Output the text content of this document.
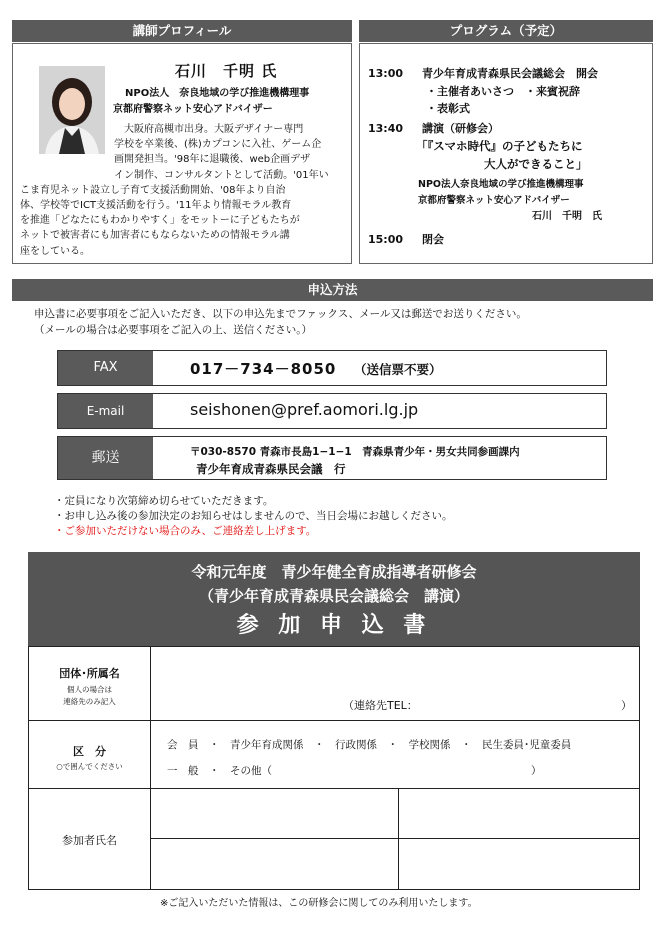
講師プロフィール
石川　千明 氏
NPO法人　奈良地域の学び推進機構理事
京都府警察ネット安心アドバイザー
大阪府高槻市出身。大阪デザイナー専門
学校を卒業後、(株)カプコンに入社、ゲーム企
画開発担当。'98年に退職後、web企画デザ
イン制作、コンサルタントとして活動。'01年い
こま育児ネット設立し子育て支援活動開始、'08年より自治
体、学校等でICT支援活動を行う。'11年より情報モラル教育
を推進「どなたにもわかりやすく」をモットーに子どもたちが
ネットで被害者にも加害者にもならないための情報モラル講
座をしている。
プログラム（予定）
13:00 青少年育成青森県民会議総会　開会
・主催者あいさつ　・来賓祝辞
・表彰式
13:40 講演（研修会）
「『スマホ時代』の子どもたちに
大人ができること」
NPO法人奈良地域の学び推進機構理事
京都府警察ネット安心アドバイザー
石川　千明　氏
15:00 閉会
申込方法
申込書に必要事項をご記入いただき、以下の申込先までファックス、メール又は郵送でお送りください。
（メールの場合は必要事項をご記入の上、送信ください。）
FAX	017－734－8050 （送信票不要）
E-mail	seishonen@pref.aomori.lg.jp
郵送	〒030-8570 青森市長島1−1−1　青森県青少年・男女共同参画課内
青少年育成青森県民会議　行
・定員になり次第締め切らせていただきます。
・お申し込み後の参加決定のお知らせはしませんので、当日会場にお越しください。
・ご参加いただけない場合のみ、ご連絡差し上げます。
令和元年度　青少年健全育成指導者研修会
（青少年育成青森県民会議総会　講演）
参 加 申 込 書
団体･所属名
個人の場合は
連絡先のみ記入	（連絡先TEL：	）
区　分
○で囲んでください
会　員　・　青少年育成関係　・　行政関係　・　学校関係　・　民生委員･児童委員
一　般　・　その他（	）
参加者氏名
※ご記入いただいた情報は、この研修会に関してのみ利用いたします。
